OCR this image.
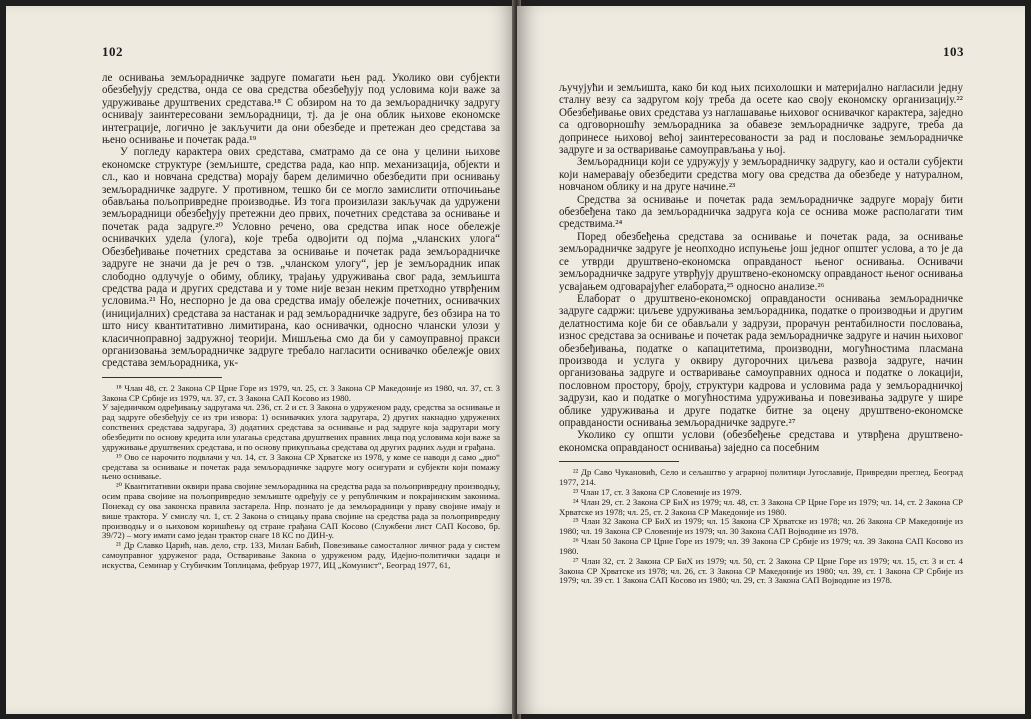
102

ле оснивања земљорадничке задруге помагати њен рад. Уколико ови субјекти обезбеђују средства, онда се ова средства обезбеђују под условима који важе за удруживање друштвених средстава.¹⁸ С обзиром на то да земљорадничку задругу оснивају заинтересовани земљорадници, тј. да је она облик њихове економске интеграције, логично је закључити да они обезбеде и претежан део средстава за њено оснивање и почетак рада.¹⁹

У погледу карактера ових средстава, сматрамо да се она у целини њихове економске структуре (земљиште, средства рада, као нпр. механизација, објекти и сл., као и новчана средства) морају барем делимично обезбедити при оснивању земљорадничке задруге. У противном, тешко би се могло замислити отпочињање обављања пољопривредне производње. Из тога произилази закључак да удружени земљорадници обезбеђују претежни део првих, почетних средстава за оснивање и почетак рада задруге.²⁰ Условно речено, ова средства ипак носе обележје оснивачких удела (улога), које треба одвојити од појма „чланских улога“ Обезбеђивање почетних средстава за оснивање и почетак рада земљорадничке задруге не значи да је реч о тзв. „чланском улогу“, јер је земљорадник ипак слободно одлучује о обиму, облику, трајању удруживања свог рада, земљишта средства рада и других средстава и у томе није везан неким претходно утврђеним условима.²¹ Но, неспорно је да ова средства имају обележје почетних, оснивачких (иницијалних) средстава за настанак и рад земљорадничке задруге, без обзира на то што нису квантитативно лимитирана, као оснивачки, односно члански улози у класичноправној задружној теорији. Мишљења смо да би у самоуправној пракси организовања земљорадничке задруге требало нагласити оснивачко обележје ових средстава земљорадника, ук-

¹⁸ Члан 48, ст. 2 Закона СР Црне Горе из 1979, чл. 25, ст. 3 Закона СР Македоније из 1980, чл. 37, ст. 3 Закона СР Србије из 1979, чл. 37, ст. 3 Закона САП Косово из 1980.

У заједничком одређивању задругама чл. 236, ст. 2 и ст. 3 Закона о удруженом раду, средства за оснивање и рад задруге обезбеђују се из три извора: 1) оснивачких улога задругара, 2) других накнадно удружених сопствених средстава задругара, 3) додатних средстава за оснивање и рад задруге која задругари могу обезбедити по основу кредита или улагања средстава друштвених правних лица под условима који важе за удруживање друштвених средстава, и по основу прикупљања средстава од других радних људи и грађана.

¹⁹ Ово се нарочито подвлачи у чл. 14, ст. 3 Закона СР Хрватске из 1978, у коме се наводи д само „дио“ средстава за оснивање и почетак рада земљорадничке задруге могу осигурати и субјекти који помажу њено оснивање.

²⁰ Квантитативни оквири права својине земљорадника на средства рада за пољопривредну производњу, осим права својине на пољопривредно земљиште одређују се у републичким и покрајинским законима. Понекад су ова законска правила застарела. Нпр. познато је да земљорадници у праву својине имају и више трактора. У смислу чл. 1, ст. 2 Закона о стицању права својине на средства рада за пољопривредну производњу и о њиховом коришћењу од стране грађана САП Косово (Службени лист САП Косово, бр. 39/72) – могу имати само један трактор снаге 18 КС по ДИН-у.

²¹ Др Славко Царић, нав. дело, стр. 133, Милан Бабић, Повезивање самосталног личног рада у систем самоуправног удруженог рада, Остваривање Закона о удруженом раду, Идејно-политички задаци и искуства, Семинар у Стубичким Топлицама, фебруар 1977, ИЦ „Комунист“, Београд 1977, 61,

103

ључујући и земљишта, како би код њих психолошки и материјално нагласили једну сталну везу са задругом коју треба да осете као своју економску организацију.²² Обезбеђивање ових средстава уз наглашавање њиховог оснивачког карактера, заједно са одговорношћу земљорадника за обавезе земљорадничке задруге, треба да допринесе њиховој већој заинтересованости за рад и пословање земљорадничке задруге и за остваривање самоуправљања у њој.

Земљорадници који се удружују у земљорадничку задругу, као и остали субјекти који намеравају обезбедити средства могу ова средства да обезбеде у натуралном, новчаном облику и на друге начине.²³

Средства за оснивање и почетак рада земљорадничке задруге морају бити обезбеђена тако да земљорадничка задруга која се оснива може располагати тим средствима.²⁴

Поред обезбеђења средстава за оснивање и почетак рада, за оснивање земљорадничке задруге је неопходно испуњење још једног општег услова, а то је да се утврди друштвено-економска оправданост њеног оснивања. Оснивачи земљорадничке задруге утврђују друштвено-економску оправданост њеног оснивања усвајањем одговарајућег елабората,²⁵ односно анализе.²⁶

Елаборат о друштвено-економској оправданости оснивања земљорадничке задруге садржи: циљеве удруживања земљорадника, податке о производњи и другим делатностима које би се обављали у задрузи, прорачун рентабилности пословања, износ средстава за оснивање и почетак рада земљорадничке задруге и начин њиховог обезбеђивања, податке о капацитетима, производни, могућностима пласмана производа и услуга у оквиру дугорочних циљева развоја задруге, начин организовања задруге и остваривање самоуправних односа и податке о локацији, пословном простору, броју, структури кадрова и условима рада у земљорадничкој задрузи, као и податке о могућностима удруживања и повезивања задруге у шире облике удруживања и друге податке битне за оцену друштвено-економске оправданости оснивања земљорадничке задруге.²⁷

Уколико су општи услови (обезбеђење средстава и утврђена друштвено-економска оправданост оснивања) заједно са посебним

²² Др Саво Чукановић, Село и сељаштво у аграрној политици Југославије, Привредни преглед, Београд 1977, 214.

²³ Члан 17, ст. 3 Закона СР Словеније из 1979.

²⁴ Члан 29, ст. 2 Закона СР БиХ из 1979; чл. 48, ст. 3 Закона СР Црне Горе из 1979; чл. 14, ст. 2 Закона СР Хрватске из 1978; чл. 25, ст. 2 Закона СР Македоније из 1980.

²⁵ Члан 32 Закона СР БиХ из 1979; чл. 15 Закона СР Хрватске из 1978; чл. 26 Закона СР Македоније из 1980; чл. 19 Закона СР Словеније из 1979; чл. 30 Закона САП Војводине из 1978.

²⁶ Члан 50 Закона СР Црне Горе из 1979; чл. 39 Закона СР Србије из 1979; чл. 39 Закона САП Косово из 1980.

²⁷ Члан 32, ст. 2 Закона СР БиХ из 1979; чл. 50, ст. 2 Закона СР Црне Горе из 1979; чл. 15, ст. 3 и ст. 4 Закона СР Хрватске из 1978; чл. 26, ст. 3 Закона СР Македоније из 1980; чл. 39, ст. 1 Закона СР Србије из 1979; чл. 39 ст. 1 Закона САП Косово из 1980; чл. 29, ст. 3 Закона САП Војводине из 1978.
